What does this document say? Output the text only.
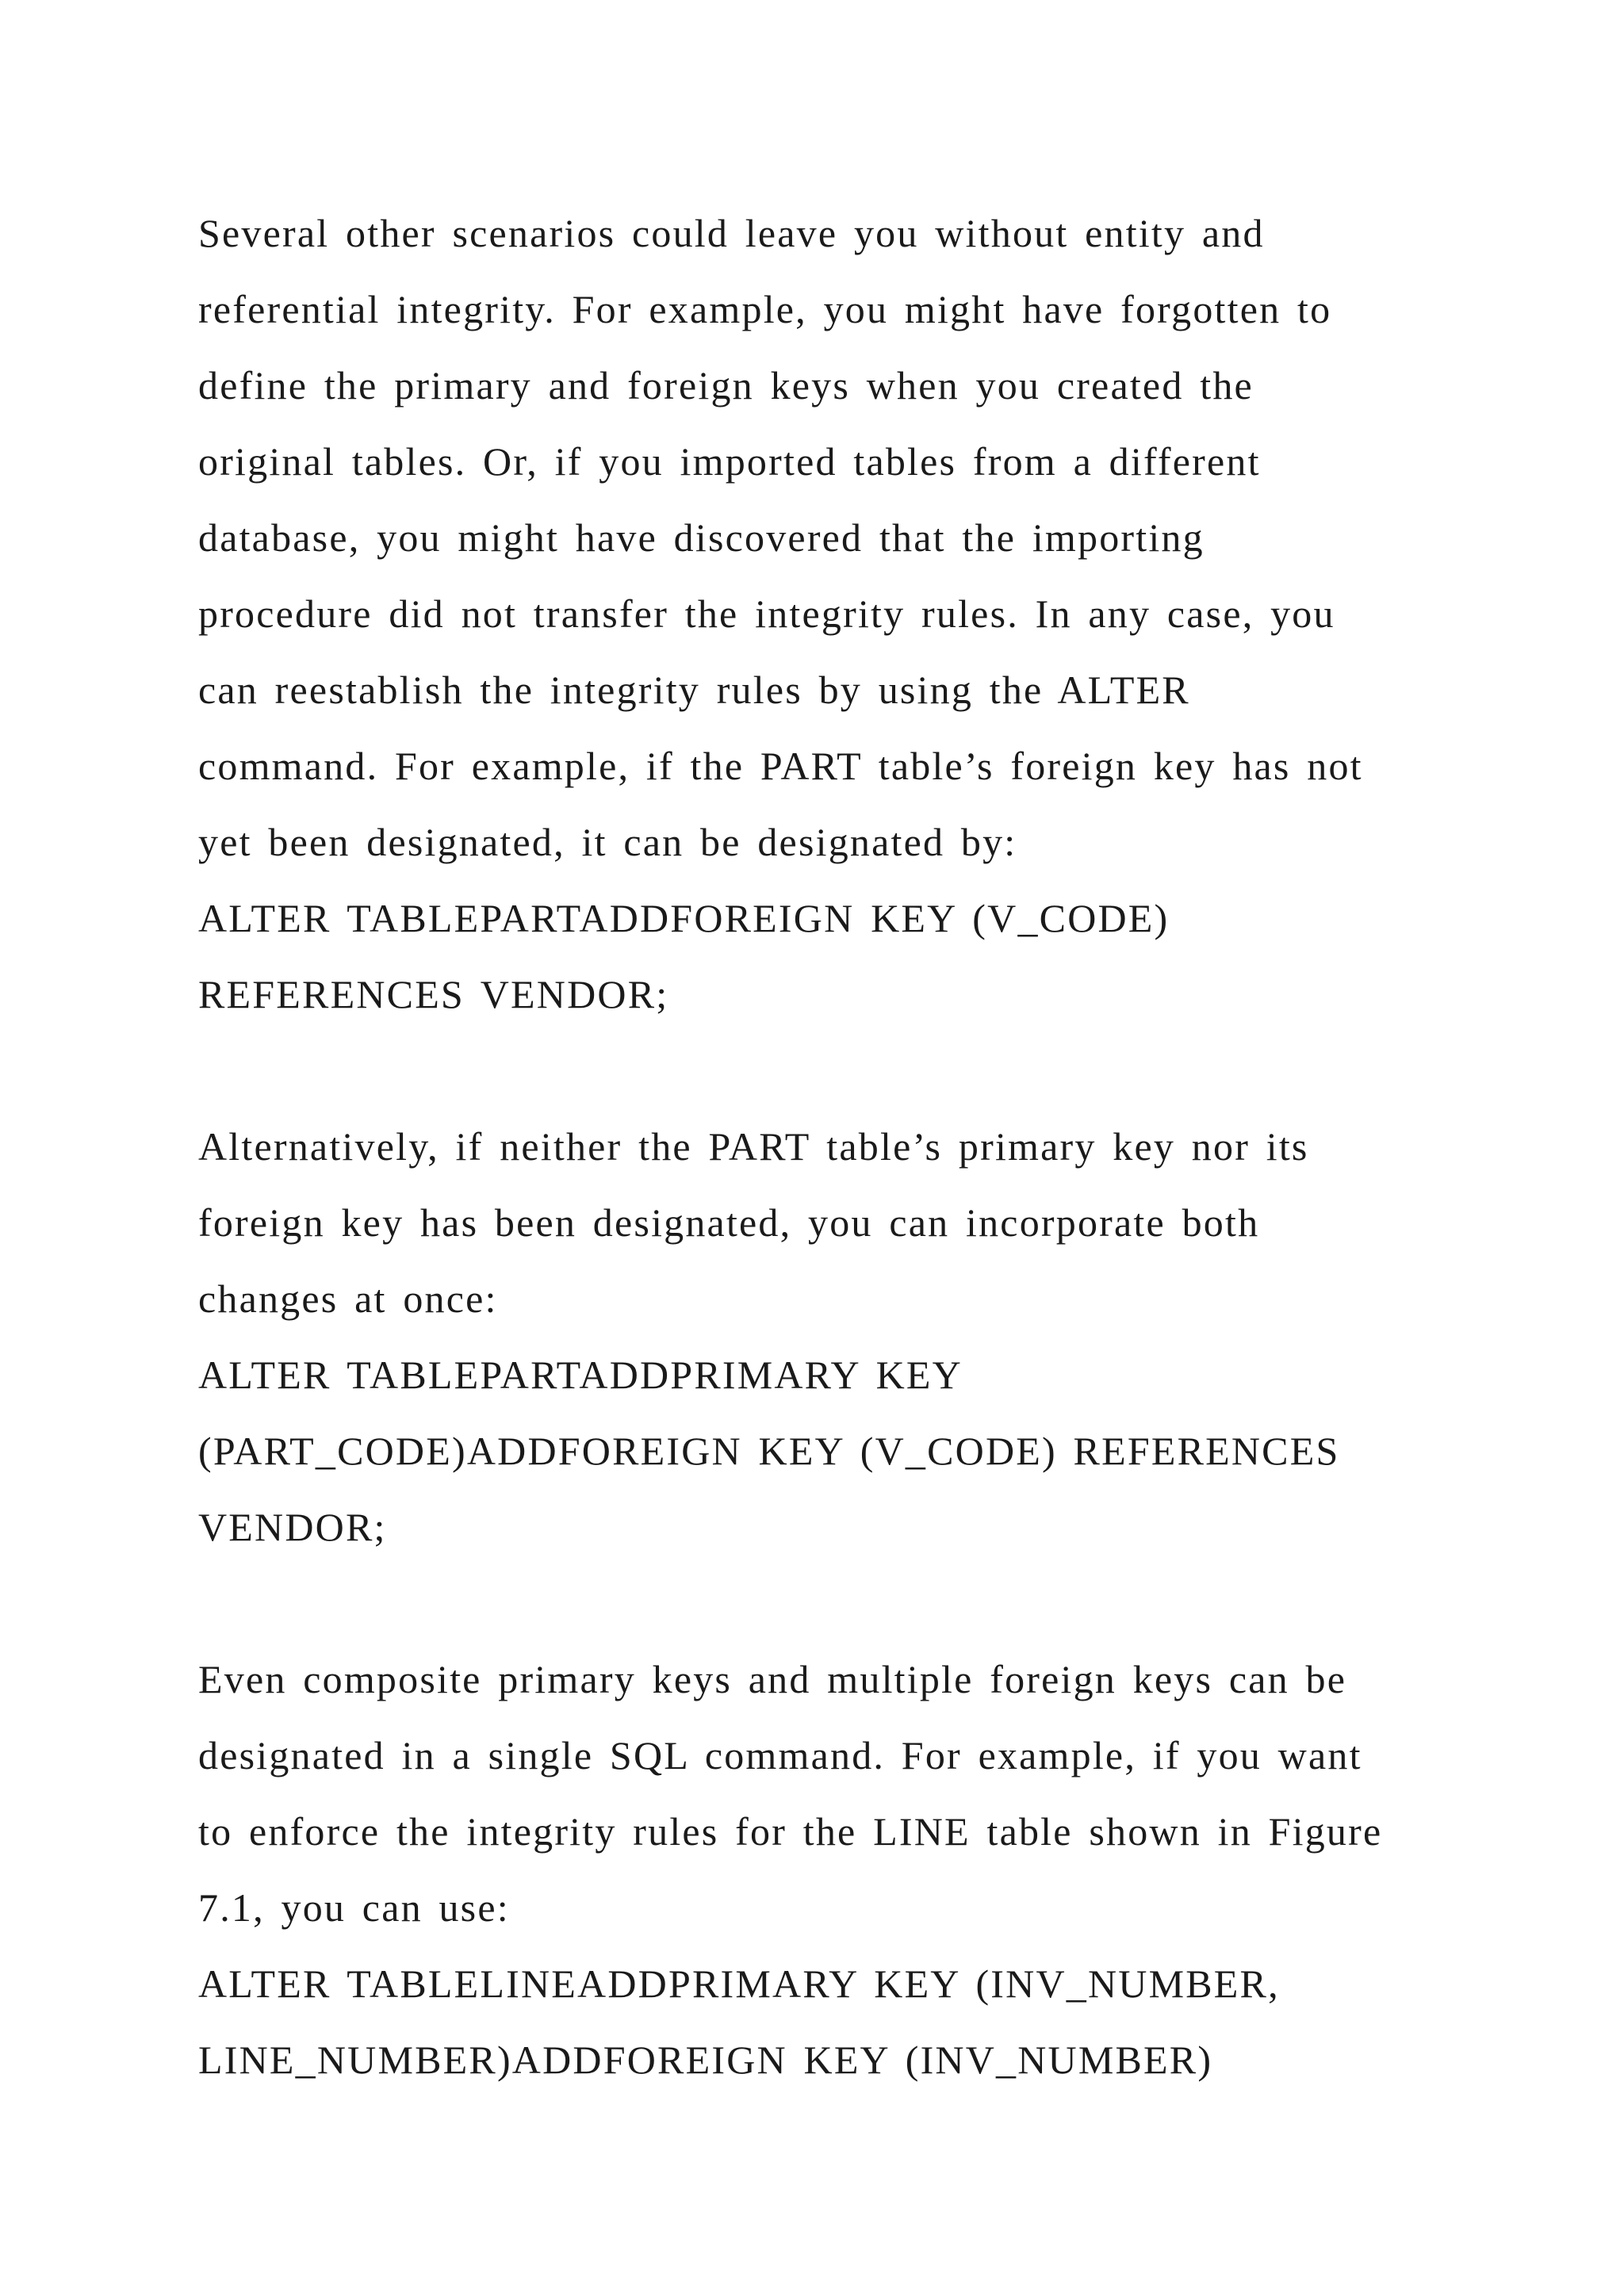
Several other scenarios could leave you without entity and
referential integrity. For example, you might have forgotten to
define the primary and foreign keys when you created the
original tables. Or, if you imported tables from a different
database, you might have discovered that the importing
procedure did not transfer the integrity rules. In any case, you
can reestablish the integrity rules by using the ALTER
command. For example, if the PART table’s foreign key has not
yet been designated, it can be designated by:
ALTER TABLEPARTADDFOREIGN KEY (V_CODE)
REFERENCES VENDOR;
Alternatively, if neither the PART table’s primary key nor its
foreign key has been designated, you can incorporate both
changes at once:
ALTER TABLEPARTADDPRIMARY KEY
(PART_CODE)ADDFOREIGN KEY (V_CODE) REFERENCES
VENDOR;
Even composite primary keys and multiple foreign keys can be
designated in a single SQL command. For example, if you want
to enforce the integrity rules for the LINE table shown in Figure
7.1, you can use:
ALTER TABLELINEADDPRIMARY KEY (INV_NUMBER,
LINE_NUMBER)ADDFOREIGN KEY (INV_NUMBER)
